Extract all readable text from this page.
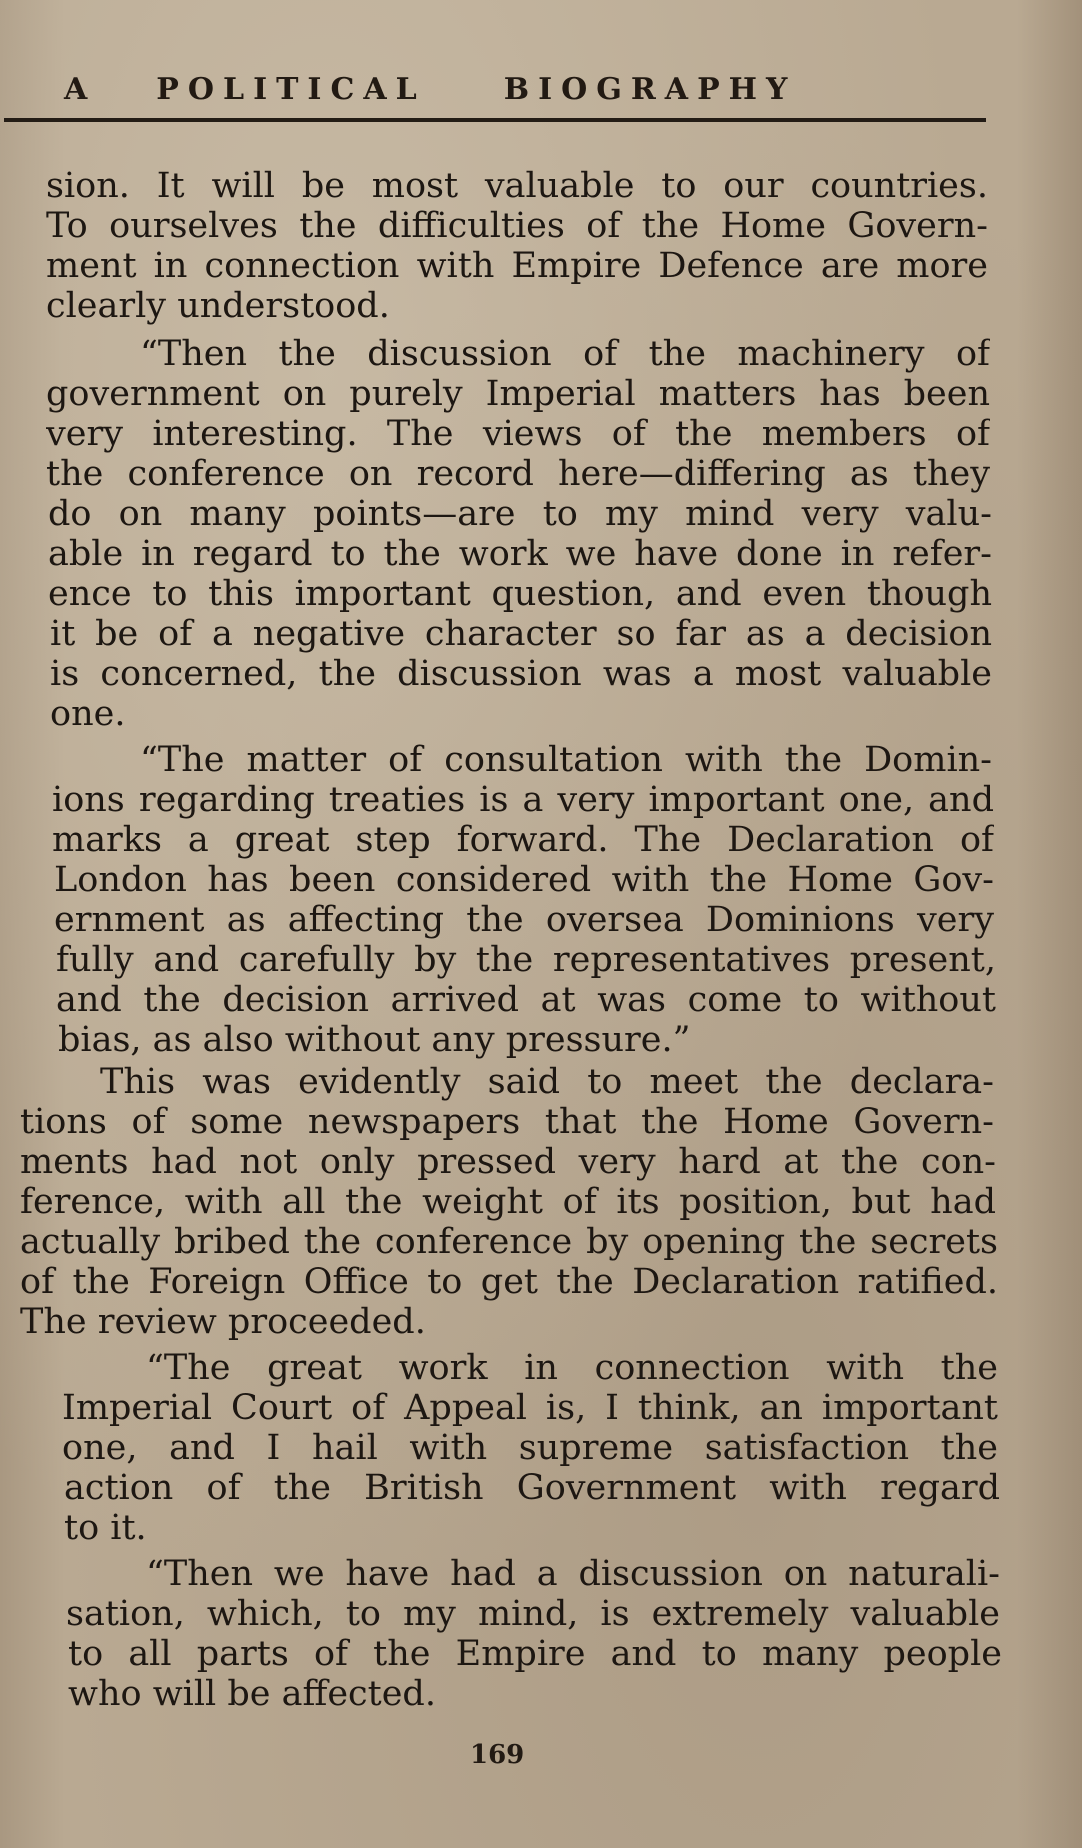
A POLITICAL	BIOGRAPHY
sion. It will be most valuable to our countries.
To ourselves the difficulties of the Home Govern-
ment in connection with Empire Defence are more
clearly understood.
“Then the discussion of the machinery of
government on purely Imperial matters has been
very interesting. The views of the members of
the conference on record here—differing as they
do on many points—are to my mind very valu-
able in regard to the work we have done in refer-
ence to this important question, and even though
it be of a negative character so far as a decision
is concerned, the discussion was a most valuable
one.
“The matter of consultation with the Domin-
ions regarding treaties is a very important one, and
marks a great step forward. The Declaration of
London has been considered with the Home Gov-
ernment as affecting the oversea Dominions very
fully and carefully by the representatives present,
and the decision arrived at was come to without
bias, as also without any pressure.”
This was evidently said to meet the declara-
tions of some newspapers that the Home Govern-
ments had not only pressed very hard at the con-
ference, with all the weight of its position, but had
actually bribed the conference by opening the secrets
of the Foreign Office to get the Declaration ratified.
The review proceeded.
“The great work in connection with the
Imperial Court of Appeal is, I think, an important
one, and I hail with supreme satisfaction the
action of the British Government with regard
to it.
“Then we have had a discussion on naturali-
sation, which, to my mind, is extremely valuable
to all parts of the Empire and to many people
who will be affected.
169
